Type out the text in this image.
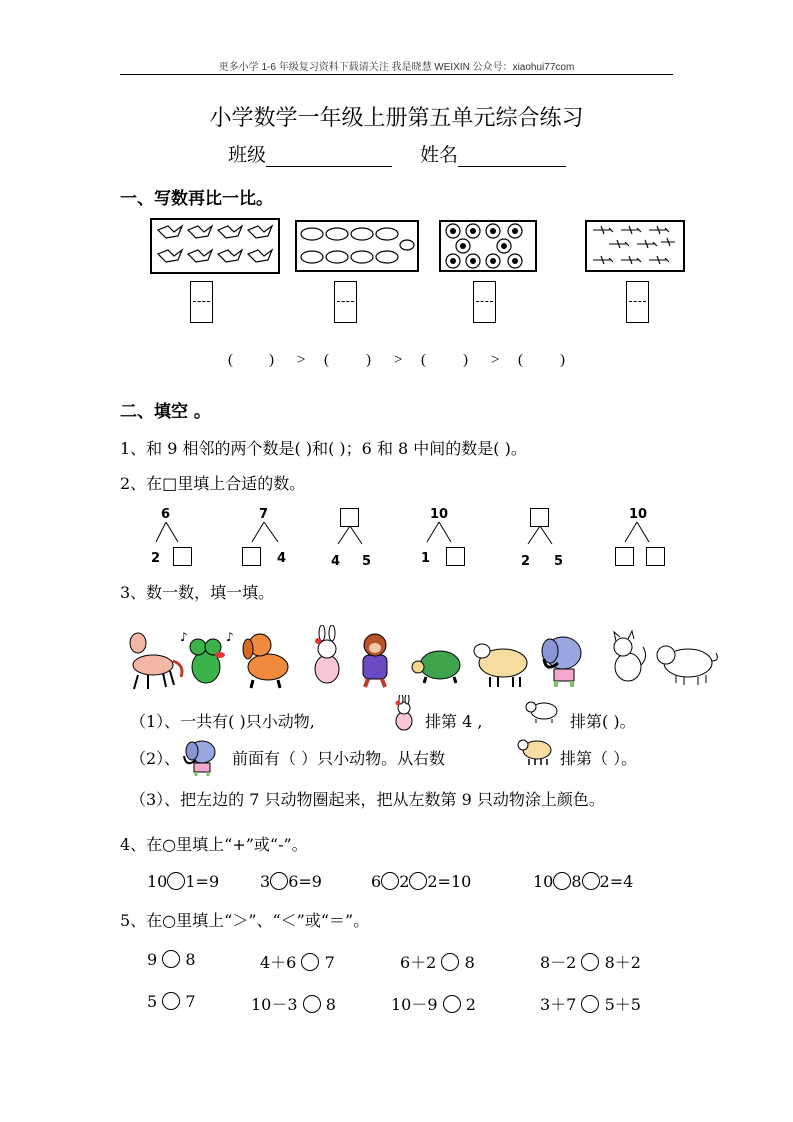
更多小学 1-6 年级复习资料下载请关注 我是晓慧 WEIXIN 公众号：xiaohui77com
小学数学一年级上册第五单元综合练习
班级	姓名
一、写数再比一比。
( ) > ( ) > ( ) > ( )
二、填空 。
1、和 9 相邻的两个数是( )和( )；6 和 8 中间的数是( )。
2、在□里填上合适的数。
6
2
7
4	4 5
10
1	2 5
10
3、数一数，填一填。
♪	♪
（1）、一共有( )只小动物,	排第 4 ,	排第( )。
（2）、	前面有（ ）只小动物。从右数	排第（ ）。
（3）、把左边的 7 只动物圈起来，把从左数第 9 只动物涂上颜色。
4、在○里填上“+”或“-”。
10 1=9	3 6=9	6 2 2=10	10 8 2=4
5、在○里填上“＞”、“＜”或“＝”。
9 8	4＋6 7	6＋2 8	8－2 8＋2
5 7	10－3 8	10－9 2	3＋7 5＋5
